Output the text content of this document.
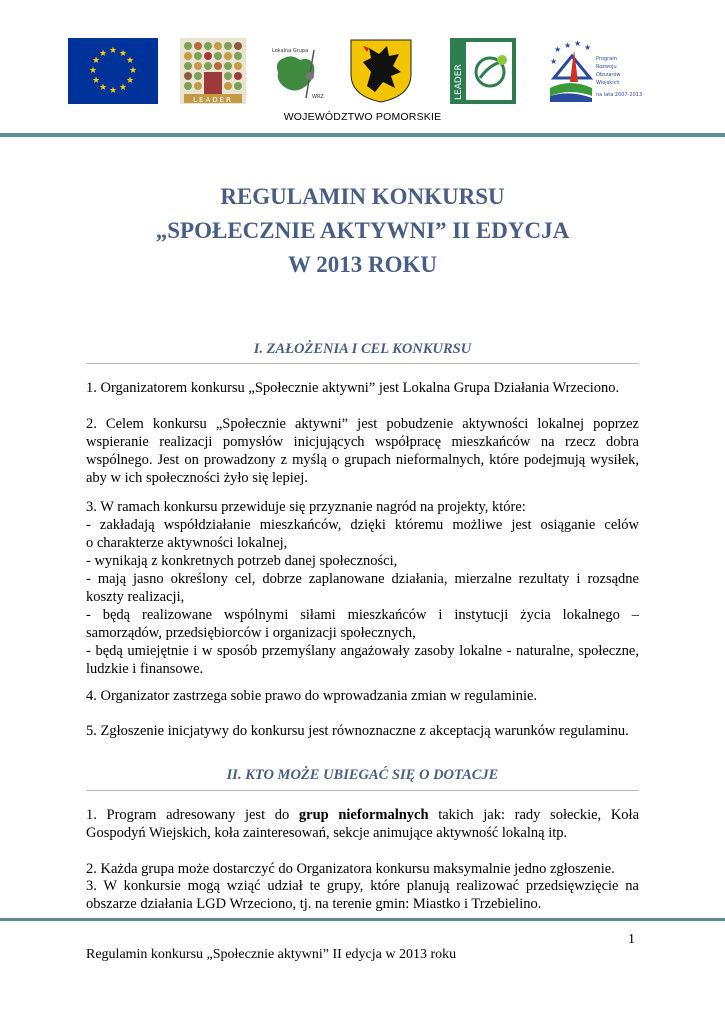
★ ★
★
★
★
★
★
★
★
★
★
★
LEADER
Lokalna Grupa
WRZ	LEADER
★ ★ ★ ★
★	Program
Rozwoju
Obszarów
Wiejskich
na lata 2007-2013
WOJEWÓDZTWO POMORSKIE
REGULAMIN KONKURSU
„SPOŁECZNIE AKTYWNI” II EDYCJA
W 2013 ROKU
I. ZAŁOŻENIA I CEL KONKURSU
1. Organizatorem konkursu „Społecznie aktywni” jest Lokalna Grupa Działania Wrzeciono.
2. Celem konkursu „Społecznie aktywni” jest pobudzenie aktywności lokalnej poprzez
wspieranie realizacji pomysłów inicjujących współpracę mieszkańców na rzecz dobra
wspólnego. Jest on prowadzony z myślą o grupach nieformalnych, które podejmują wysiłek,
aby w ich społeczności żyło się lepiej.
3. W ramach konkursu przewiduje się przyznanie nagród na projekty, które:
- zakładają współdziałanie mieszkańców, dzięki któremu możliwe jest osiąganie celów
o charakterze aktywności lokalnej,
- wynikają z konkretnych potrzeb danej społeczności,
- mają jasno określony cel, dobrze zaplanowane działania, mierzalne rezultaty i rozsądne
koszty realizacji,
- będą realizowane wspólnymi siłami mieszkańców i instytucji życia lokalnego –
samorządów, przedsiębiorców i organizacji społecznych,
- będą umiejętnie i w sposób przemyślany angażowały zasoby lokalne - naturalne, społeczne,
ludzkie i finansowe.
4. Organizator zastrzega sobie prawo do wprowadzania zmian w regulaminie.
5. Zgłoszenie inicjatywy do konkursu jest równoznaczne z akceptacją warunków regulaminu.
II. KTO MOŻE UBIEGAĆ SIĘ O DOTACJE
1. Program adresowany jest do grup nieformalnych takich jak: rady sołeckie, Koła
Gospodyń Wiejskich, koła zainteresowań, sekcje animujące aktywność lokalną itp.
2. Każda grupa może dostarczyć do Organizatora konkursu maksymalnie jedno zgłoszenie.
3. W konkursie mogą wziąć udział te grupy, które planują realizować przedsięwzięcie na
obszarze działania LGD Wrzeciono, tj. na terenie gmin: Miastko i Trzebielino.
1
Regulamin konkursu „Społecznie aktywni” II edycja w 2013 roku
